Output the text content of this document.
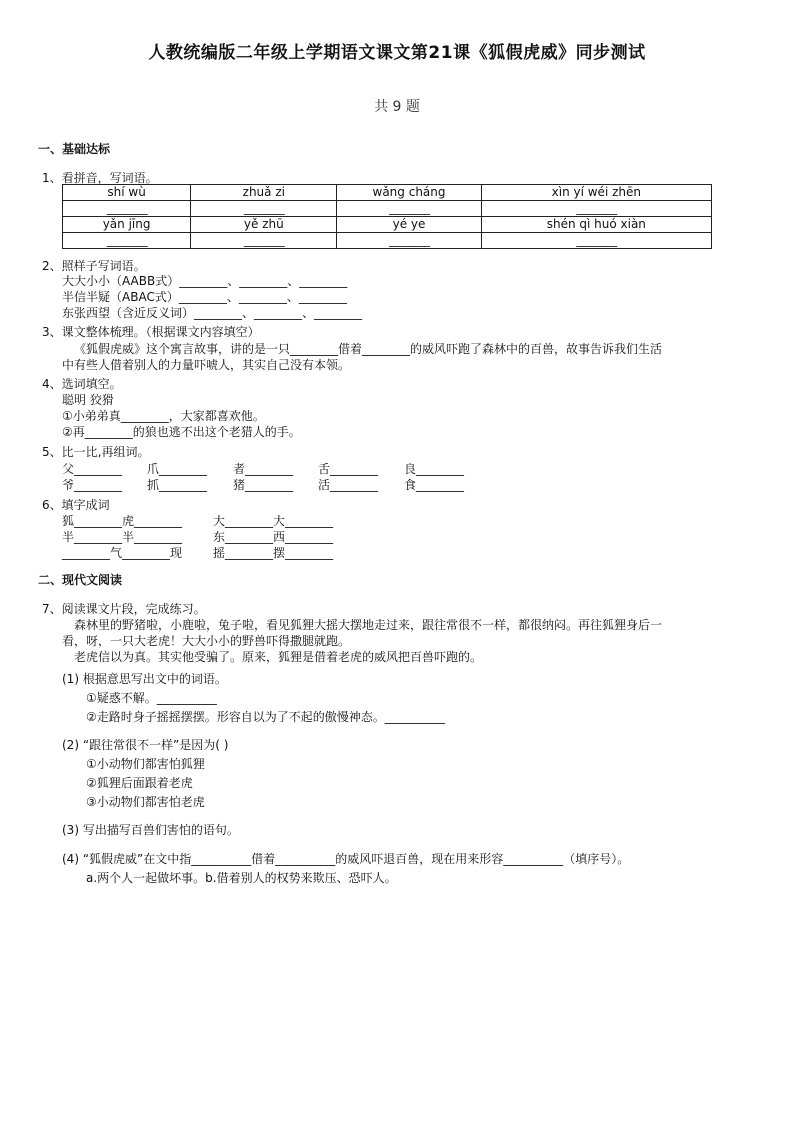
人教统编版二年级上学期语文课文第21课《狐假虎威》同步测试
共 9 题
一、基础达标
1、看拼音，写词语。
shí wù	zhuǎ zi	wǎng cháng	xìn yí wéi zhēn
________	________	________	________
yǎn jīng	yě zhū	yé ye	shén qì huó xiàn
________	________	________	________
2、照样子写词语。
大大小小（AABB式）________、________、________
半信半疑（ABAC式）________、________、________
东张西望（含近反义词）________、________、________
3、课文整体梳理。（根据课文内容填空）
《狐假虎威》这个寓言故事，讲的是一只________借着________的威风吓跑了森林中的百兽，故事告诉我们生活
中有些人借着别人的力量吓唬人，其实自己没有本领。
4、选词填空。
聪明 狡猾
①小弟弟真________，大家都喜欢他。
②再________的狼也逃不出这个老猎人的手。
5、比一比,再组词。
父________ 爪________ 者________ 舌________ 良________
爷________ 抓________ 猪________ 活________ 食________
6、填字成词
狐________虎________	大________大________
半________半________	东________西________
________气________现	摇________摆________
二、现代文阅读
7、阅读课文片段，完成练习。
森林里的野猪啦，小鹿啦，兔子啦，看见狐狸大摇大摆地走过来，跟往常很不一样，都很纳闷。再往狐狸身后一
看，呀，一只大老虎！大大小小的野兽吓得撒腿就跑。
老虎信以为真。其实他受骗了。原来，狐狸是借着老虎的威风把百兽吓跑的。
(1) 根据意思写出文中的词语。
①疑惑不解。__________
②走路时身子摇摇摆摆。形容自以为了不起的傲慢神态。__________
(2) “跟往常很不一样”是因为( )
①小动物们都害怕狐狸
②狐狸后面跟着老虎
③小动物们都害怕老虎
(3) 写出描写百兽们害怕的语句。
(4) “狐假虎威”在文中指__________借着__________的威风吓退百兽，现在用来形容__________（填序号）。
a.两个人一起做坏事。b.借着别人的权势来欺压、恐吓人。
